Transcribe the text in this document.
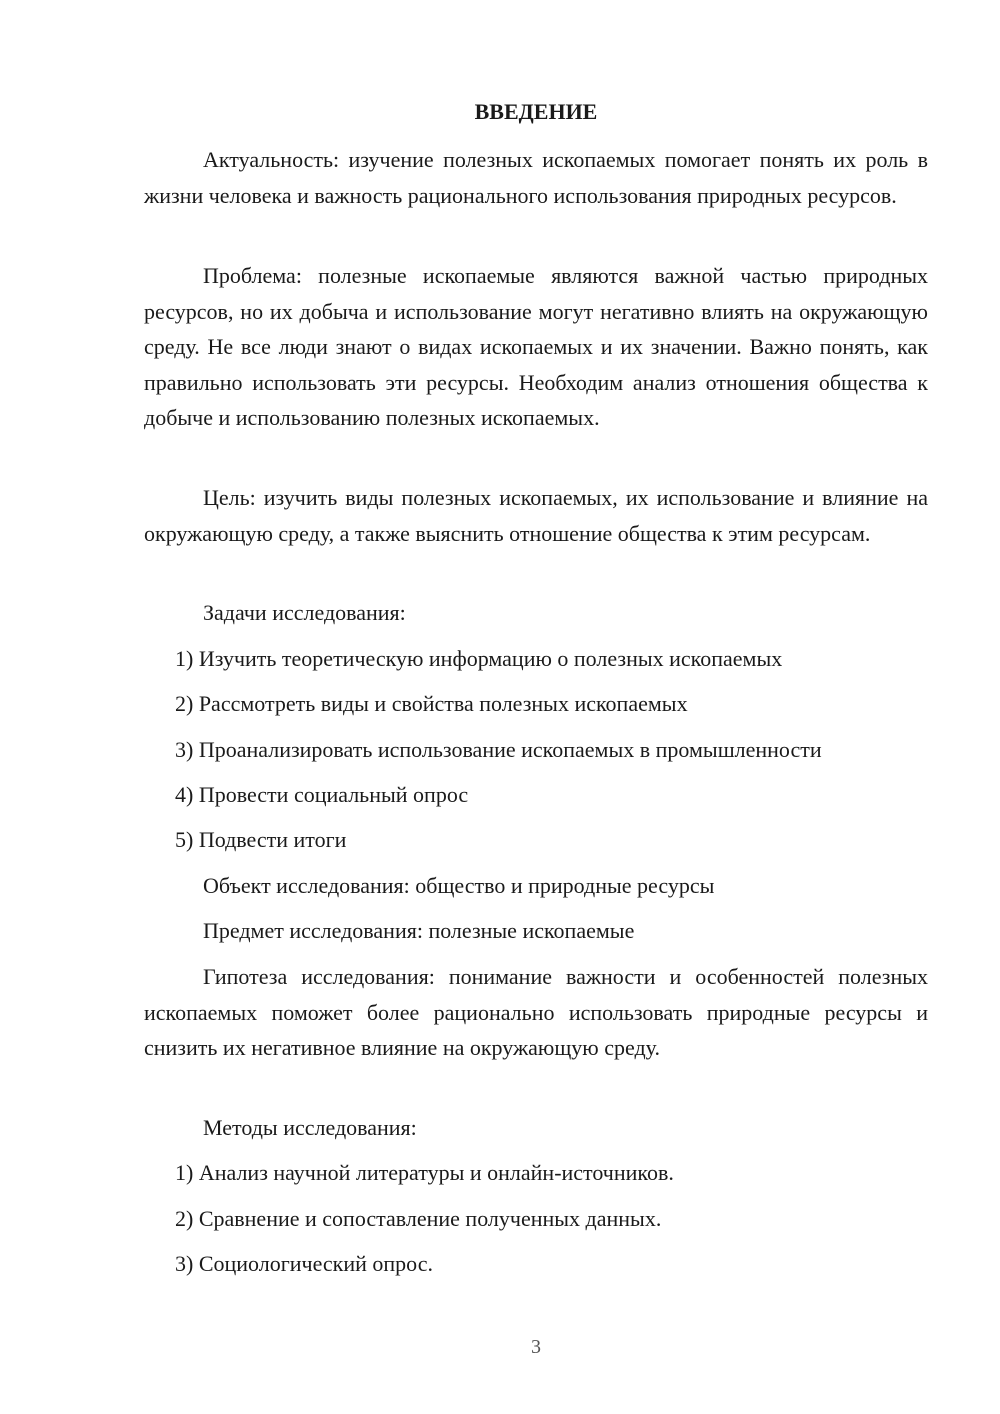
ВВЕДЕНИЕ

Актуальность: изучение полезных ископаемых помогает понять их роль в жизни человека и важность рационального использования природных ресурсов.

Проблема: полезные ископаемые являются важной частью природных ресурсов, но их добыча и использование могут негативно влиять на окружающую среду. Не все люди знают о видах ископаемых и их значении. Важно понять, как правильно использовать эти ресурсы. Необходим анализ отношения общества к добыче и использованию полезных ископаемых.

Цель: изучить виды полезных ископаемых, их использование и влияние на окружающую среду, а также выяснить отношение общества к этим ресурсам.

Задачи исследования:

1) Изучить теоретическую информацию о полезных ископаемых

2) Рассмотреть виды и свойства полезных ископаемых

3) Проанализировать использование ископаемых в промышленности

4) Провести социальный опрос

5) Подвести итоги

Объект исследования: общество и природные ресурсы

Предмет исследования: полезные ископаемые

Гипотеза исследования: понимание важности и особенностей полезных ископаемых поможет более рационально использовать природные ресурсы и снизить их негативное влияние на окружающую среду.

Методы исследования:

1) Анализ научной литературы и онлайн-источников.

2) Сравнение и сопоставление полученных данных.

3) Социологический опрос.

3
